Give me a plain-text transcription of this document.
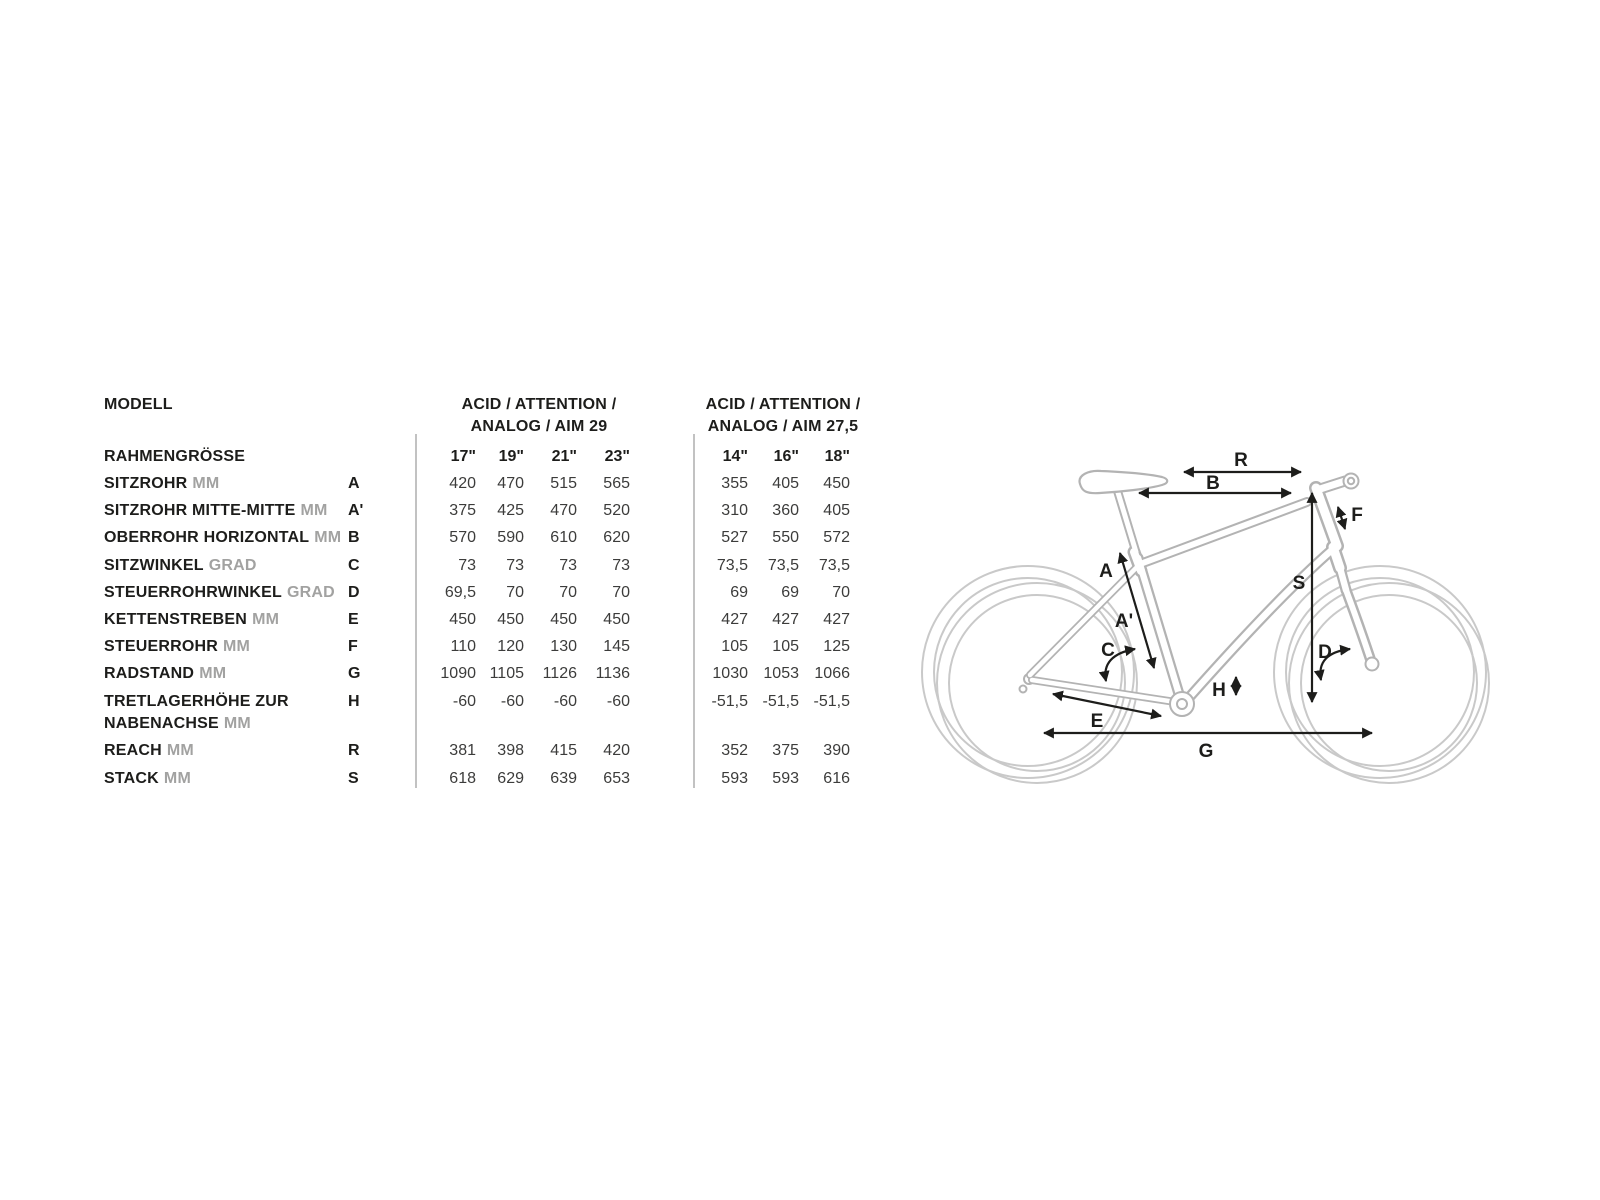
MODELL	ACID / ATTENTION /
ANALOG / AIM 29
ACID / ATTENTION /
ANALOG / AIM 27,5
RAHMENGRÖSSE	17"	19"	21"	23"	14"	16"	18"
SITZROHR MM	A	420	470	515	565	355	405	450
SITZROHR MITTE-MITTE MM A'	375	425	470	520	310	360	405
OBERROHR HORIZONTAL MM B	570	590	610	620	527	550	572
SITZWINKEL GRAD	C	73	73	73	73	73,5	73,5	73,5
STEUERROHRWINKEL GRAD D	69,5	70	70	70	69	69	70
KETTENSTREBEN MM	E	450	450	450	450	427	427	427
STEUERROHR MM	F	110	120	130	145	105	105	125
RADSTAND MM	G	1090 1105	1126	1136	1030 1053 1066
TRETLAGERHÖHE ZUR
NABENACHSE MM
H	-60	-60	-60	-60	-51,5 -51,5 -51,5
REACH MM	R	381	398	415	420	352	375	390
STACK MM	S	618	629	639	653	593	593	616
R
B
F
A
A'
C
S
D
H
E
G
